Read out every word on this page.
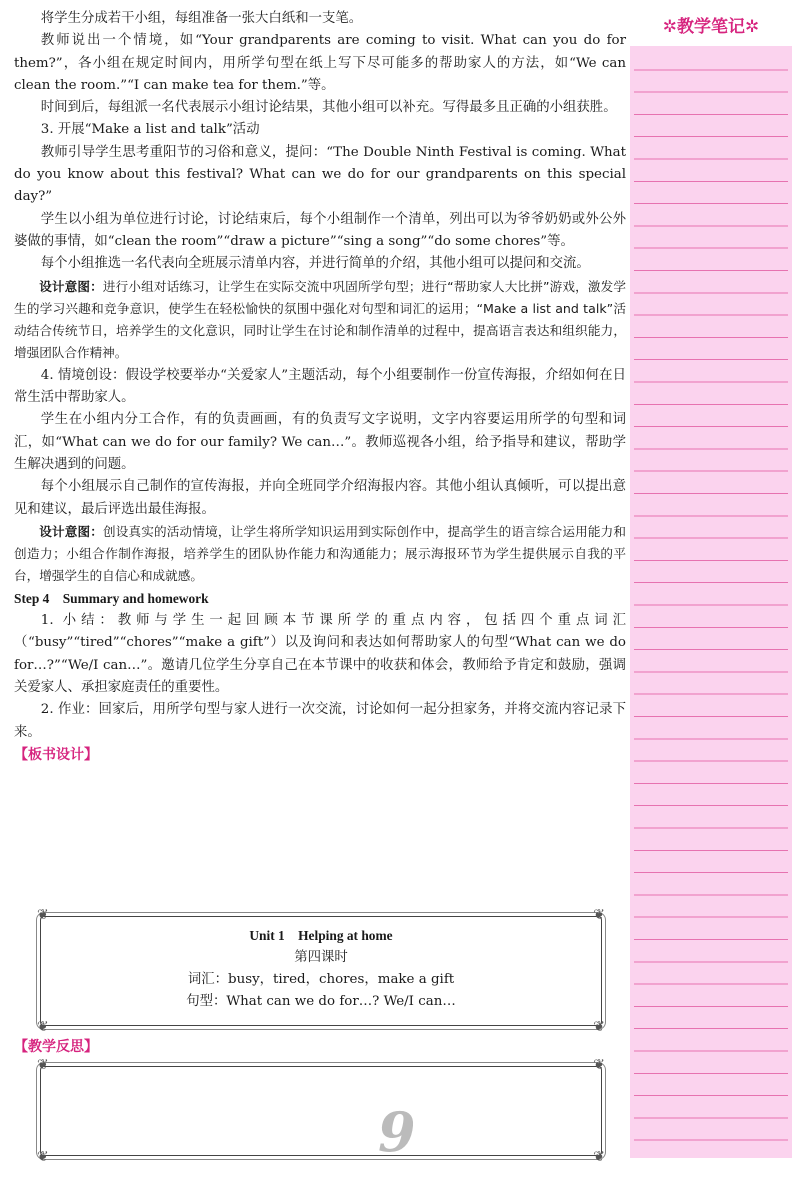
将学生分成若干小组，每组准备一张大白纸和一支笔。

教师说出一个情境，如“Your grandparents are coming to visit. What can you do for them?”，各小组在规定时间内，用所学句型在纸上写下尽可能多的帮助家人的方法，如“We can clean the room.”“I can make tea for them.”等。

时间到后，每组派一名代表展示小组讨论结果，其他小组可以补充。写得最多且正确的小组获胜。

3. 开展“Make a list and talk”活动

教师引导学生思考重阳节的习俗和意义，提问：“The Double Ninth Festival is coming. What do you know about this festival? What can we do for our grandparents on this special day?”

学生以小组为单位进行讨论，讨论结束后，每个小组制作一个清单，列出可以为爷爷奶奶或外公外婆做的事情，如“clean the room”“draw a picture”“sing a song”“do some chores”等。

每个小组推选一名代表向全班展示清单内容，并进行简单的介绍，其他小组可以提问和交流。

设计意图：进行小组对话练习，让学生在实际交流中巩固所学句型；进行“帮助家人大比拼”游戏，激发学生的学习兴趣和竞争意识，使学生在轻松愉快的氛围中强化对句型和词汇的运用；“Make a list and talk”活动结合传统节日，培养学生的文化意识，同时让学生在讨论和制作清单的过程中，提高语言表达和组织能力，增强团队合作精神。

4. 情境创设：假设学校要举办“关爱家人”主题活动，每个小组要制作一份宣传海报，介绍如何在日常生活中帮助家人。

学生在小组内分工合作，有的负责画画，有的负责写文字说明，文字内容要运用所学的句型和词汇，如“What can we do for our family? We can…”。教师巡视各小组，给予指导和建议，帮助学生解决遇到的问题。

每个小组展示自己制作的宣传海报，并向全班同学介绍海报内容。其他小组认真倾听，可以提出意见和建议，最后评选出最佳海报。

设计意图：创设真实的活动情境，让学生将所学知识运用到实际创作中，提高学生的语言综合运用能力和创造力；小组合作制作海报，培养学生的团队协作能力和沟通能力；展示海报环节为学生提供展示自我的平台，增强学生的自信心和成就感。

Step 4　Summary and homework

1. 小结：教师与学生一起回顾本节课所学的重点内容，包括四个重点词汇（“busy”“tired”“chores”“make a gift”）以及询问和表达如何帮助家人的句型“What can we do for…?”“We/I can…”。邀请几位学生分享自己在本节课中的收获和体会，教师给予肯定和鼓励，强调关爱家人、承担家庭责任的重要性。

2. 作业：回家后，用所学句型与家人进行一次交流，讨论如何一起分担家务，并将交流内容记录下来。

【板书设计】

❦	❦
❦	❦
Unit 1　Helping at home
第四课时
词汇：busy，tired，chores，make a gift
句型：What can we do for…? We/I can…
【教学反思】
❦	❦
❦	❦
9
✲教学笔记✲
